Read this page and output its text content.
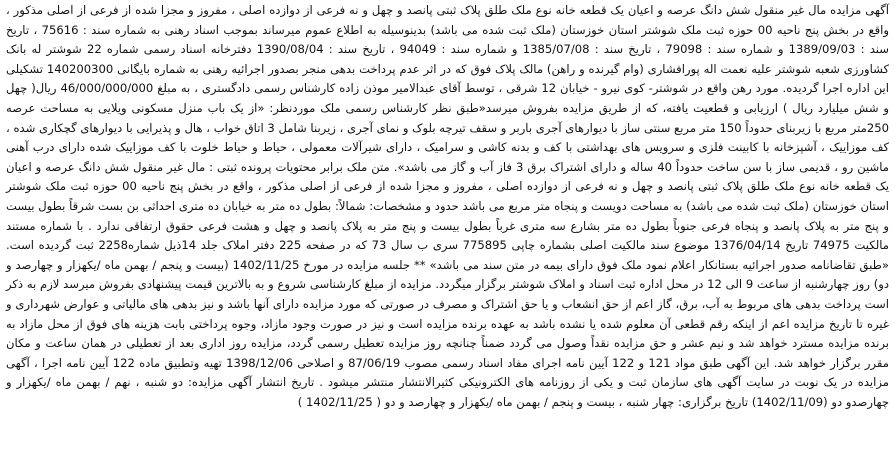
آگهی مزایده مال غیر منقول شش دانگ عرصه و اعیان یک قطعه خانه نوع ملک طلق پلاک ثبتی پانصد و چهل و نه فرعی از دوازده اصلی ، مفروز و مجزا شده از فرعی از اصلی مذکور ، واقع در بخش پنج ناحیه 00 حوزه ثبت ملک شوشتر استان خوزستان (ملک ثبت شده می باشد) بدینوسیله به اطلاع عموم میرساند بموجب اسناد رهنی به شماره سند : 75616 ، تاریخ سند : 1389/09/03 و شماره سند : 79098 ، تاریخ سند : 1385/07/08 و شماره سند : 94049 ، تاریخ سند : 1390/08/04 دفترخانه اسناد رسمی شماره 22 شوشتر له بانک کشاورزی شعبه شوشتر علیه نعمت اله پورافشاری (وام گیرنده و راهن) مالک پلاک فوق که در اثر عدم پرداخت بدهی منجر بصدور اجرائیه رهنی به شماره بایگانی 140200300 تشکیلی این اداره اجرا گردیده. مورد رهن واقع در شوشتر- کوی نیرو - خیابان 12 شرقی ، توسط آقای عبدالامیر موذن زاده کارشناس رسمی دادگستری ، به مبلغ 46/000/000/000 ریال( چهل و شش میلیارد ریال ) ارزیابی و قطعیت یافته، که از طریق مزایده بفروش میرسد«طبق نظر کارشناس رسمی ملک موردنظر: «از یک باب منزل مسکونی ویلایی به مساحت عرصه 250متر مربع با زیربنای حدوداً 150 متر مربع سنتی ساز با دیوارهای آجری باربر و سقف تیرچه بلوک و نمای آجری ، زیربنا شامل 3 اتاق خواب ، هال و پذیرایی با دیوارهای گچکاری شده ، کف موزاییک ، آشپزخانه با کابینت فلزی و سرویس های بهداشتی با کف و بدنه کاشی و سرامیک ، دارای شیرآلات معمولی ، حیاط و حیاط خلوت با کف موزاییک شده دارای درب آهنی ماشین رو ، قدیمی ساز با سن ساخت حدوداً 40 ساله و دارای اشتراک برق 3 فاز آب و گاز می باشد». متن ملک برابر محتویات پرونده ثبتی : مال غیر منقول شش دانگ عرصه و اعیان یک قطعه خانه نوع ملک طلق پلاک ثبتی پانصد و چهل و نه فرعی از دوازده اصلی ، مفروز و مجزا شده از فرعی از اصلی مذکور ، واقع در بخش پنج ناحیه 00 حوزه ثبت ملک شوشتر استان خوزستان (ملک ثبت شده می باشد) به مساحت دویست و پنجاه متر مربع می باشد حدود و مشخصات: شمالاً: بطول ده متر به خیابان ده متری احداثی بن بست شرقاً بطول بیست و پنج متر به پلاک پانصد و پنجاه فرعی جنوباً بطول ده متر بشارع سه متری غرباً بطول بیست و پنج متر به پلاک پانصد و چهل و هشت فرعی حقوق ارتفاقی ندارد . با شماره مستند مالکیت 74975 تاریخ 1376/04/14 موضوع سند مالکیت اصلی بشماره چاپی 775895 سری ب سال 73 که در صفحه 225 دفتر املاک جلد 14ذیل شماره2258 ثبت گردیده است. «طبق تقاضانامه صدور اجرائیه بستانکار اعلام نمود ملک فوق دارای بیمه در متن سند می باشد» ** جلسه مزایده در مورخ 1402/11/25 (بیست و پنجم / بهمن ماه /یکهزار و چهارصد و دو) روز چهارشنبه از ساعت 9 الی 12 در محل اداره ثبت اسناد و املاک شوشتر برگزار میگردد. مزایده از مبلغ کارشناسی شروع و به بالاترین قیمت پیشنهادی بفروش میرسد لازم به ذکر است پرداخت بدهی های مربوط به آب، برق، گاز اعم از حق انشعاب و یا حق اشتراک و مصرف در صورتی که مورد مزایده دارای آنها باشد و نیز بدهی های مالیاتی و عوارض شهرداری و غیره تا تاریخ مزایده اعم از اینکه رقم قطعی آن معلوم شده یا نشده باشد به عهده برنده مزایده است و نیز در صورت وجود مازاد، وجوه پرداختی بابت هزینه های فوق از محل مازاد به برنده مزایده مسترد خواهد شد و نیم عشر و حق مزایده نقداً وصول می گردد ضمناً چنانچه روز مزایده تعطیل رسمی گردد، مزایده روز اداری بعد از تعطیلی در همان ساعت و مکان مقرر برگزار خواهد شد. این آگهی طبق مواد 121 و 122 آیین نامه اجرای مفاد اسناد رسمی مصوب 87/06/19 و اصلاحی 1398/12/06 تهیه وتطبیق ماده 122 آیین نامه اجرا ، آگهی مزایده در یک نوبت در سایت آگهی های سازمان ثبت و یکی از روزنامه های الکترونیکی کثیرالانتشار منتشر میشود . تاریخ انتشار آگهی مزایده: دو شنبه ، نهم / بهمن ماه /یکهزار و چهارصدو دو (1402/11/09) تاریخ برگزاری: چهار شنبه ، بیست و پنجم / بهمن ماه /یکهزار و چهارصد و دو ( 1402/11/25 )
